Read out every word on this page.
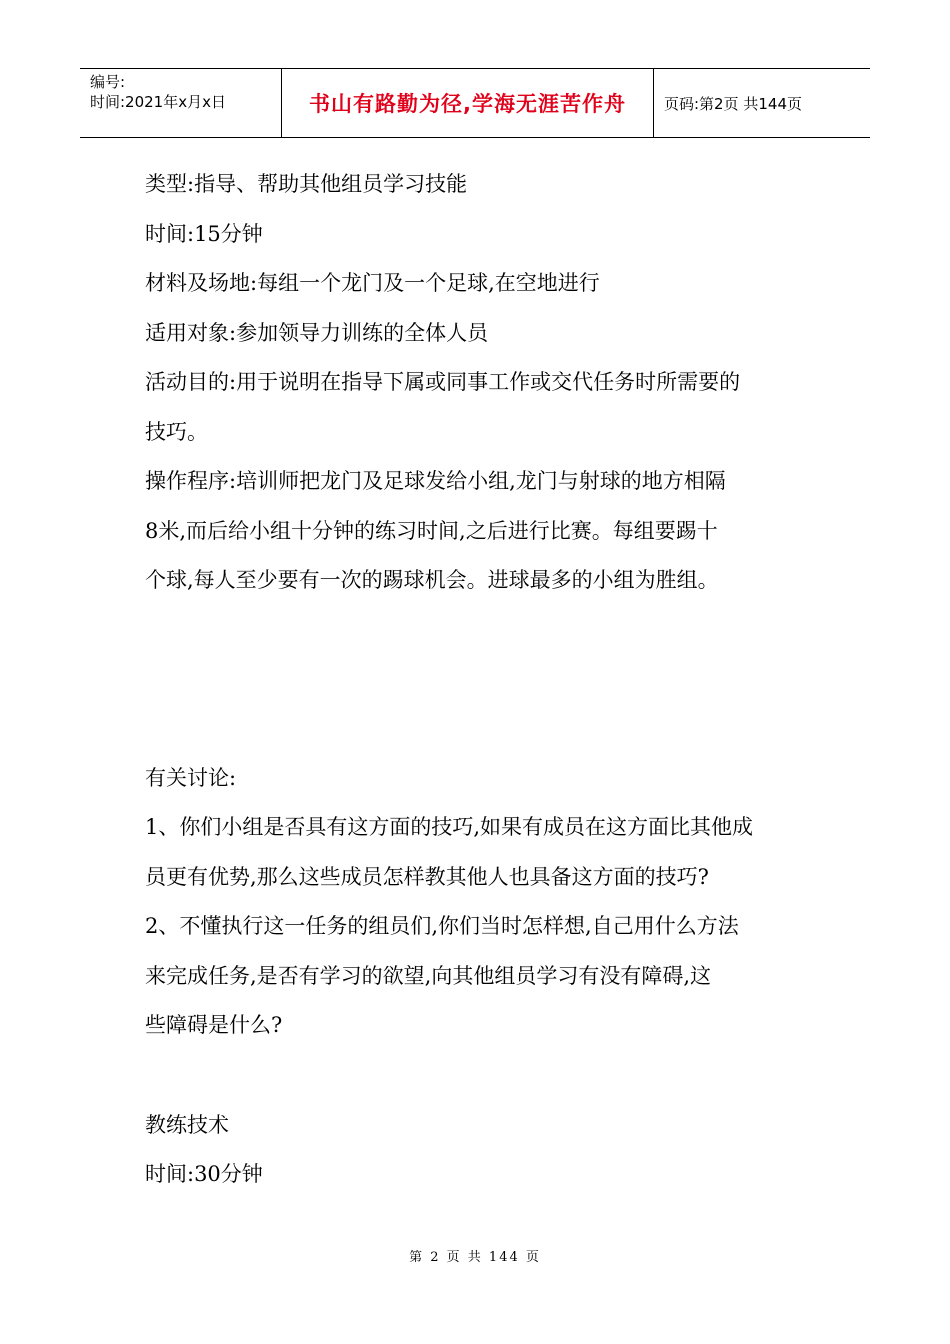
编号:
时间:2021年x月x日	书山有路勤为径,学海无涯苦作舟	页码:第2页 共144页

类型:指导、帮助其他组员学习技能

时间:15分钟

材料及场地:每组一个龙门及一个足球,在空地进行

适用对象:参加领导力训练的全体人员

活动目的:用于说明在指导下属或同事工作或交代任务时所需要的

技巧。

操作程序:培训师把龙门及足球发给小组,龙门与射球的地方相隔

8米,而后给小组十分钟的练习时间,之后进行比赛。每组要踢十

个球,每人至少要有一次的踢球机会。进球最多的小组为胜组。

有关讨论:

1、你们小组是否具有这方面的技巧,如果有成员在这方面比其他成

员更有优势,那么这些成员怎样教其他人也具备这方面的技巧?

2、不懂执行这一任务的组员们,你们当时怎样想,自己用什么方法

来完成任务,是否有学习的欲望,向其他组员学习有没有障碍,这

些障碍是什么?

教练技术

时间:30分钟

第 2 页 共 144 页
